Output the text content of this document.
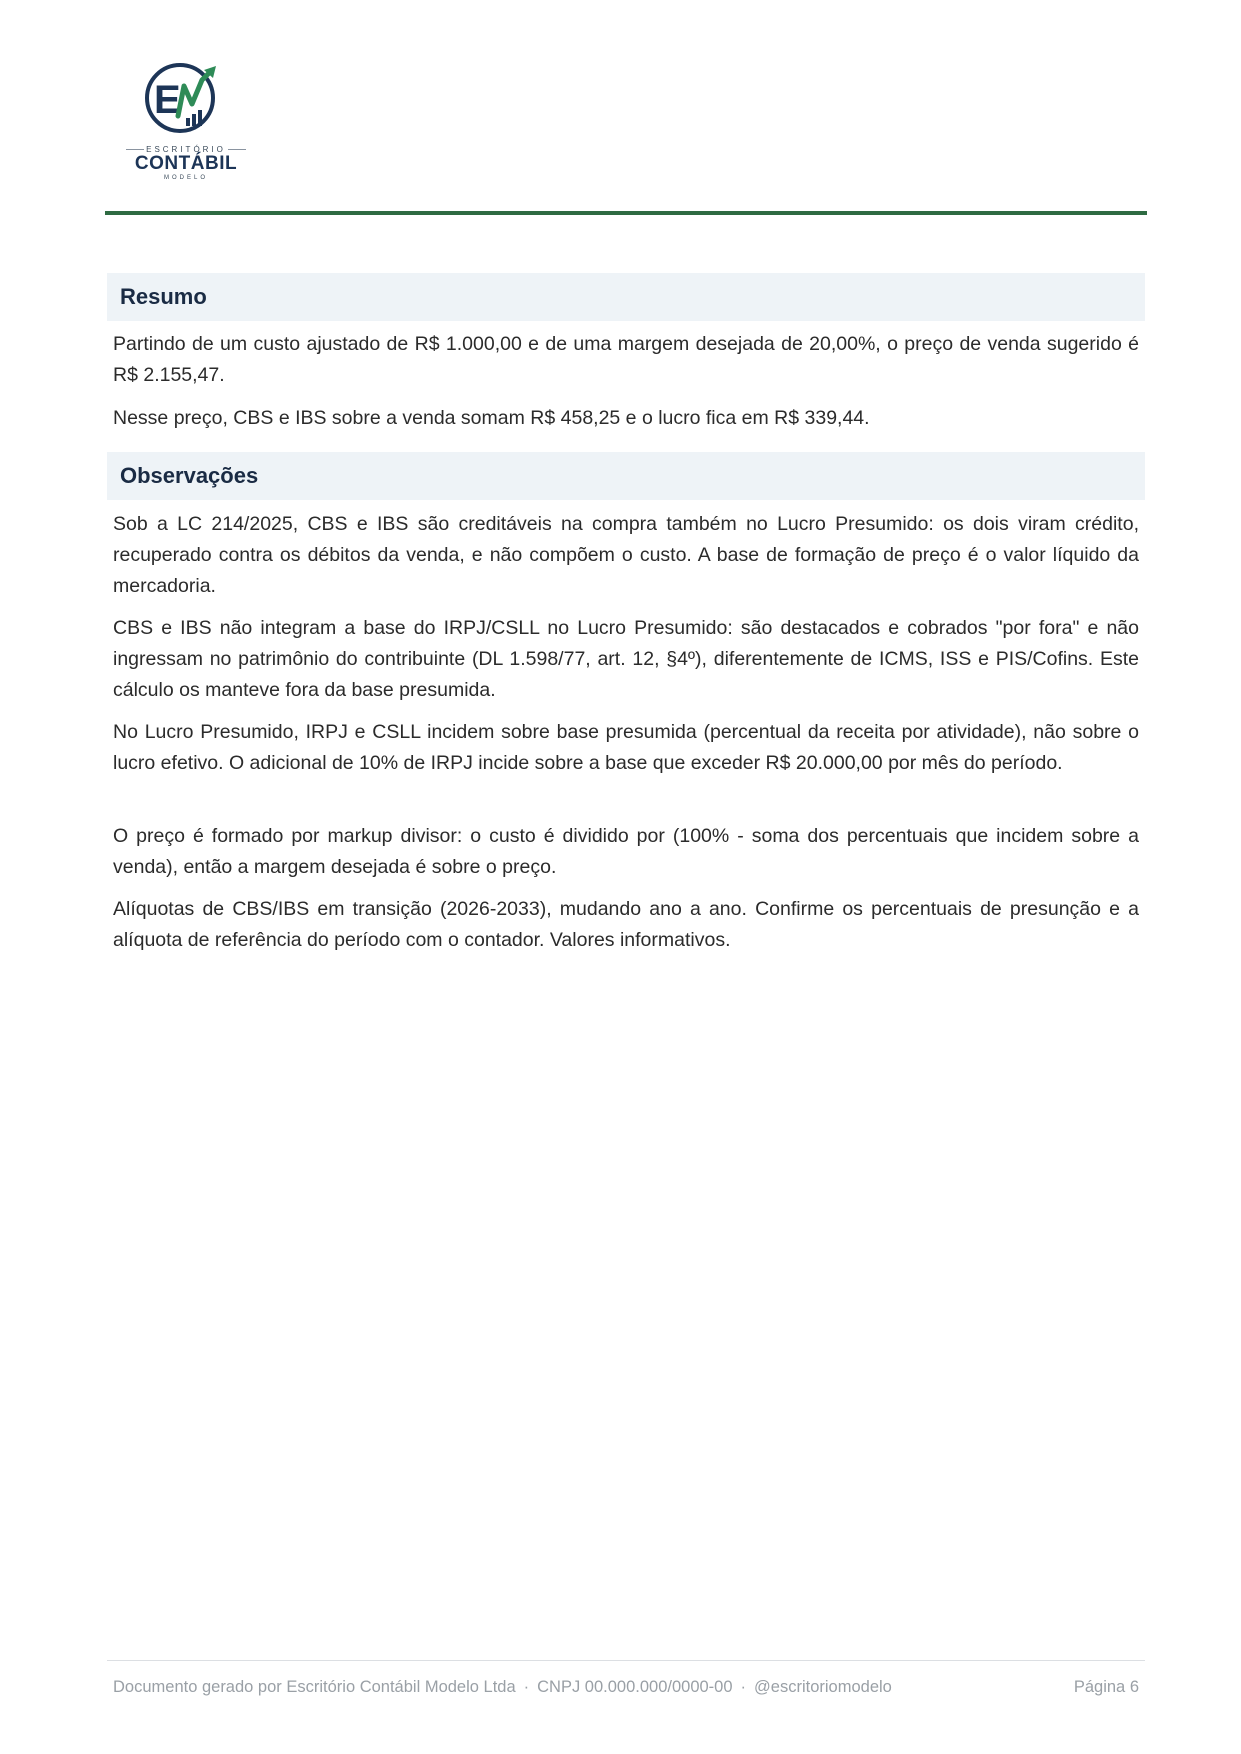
E
ESCRITÓRIO
CONTÁBIL
MODELO
Resumo

Partindo de um custo ajustado de R$ 1.000,00 e de uma margem desejada de 20,00%, o preço de venda sugerido é R$ 2.155,47.

Nesse preço, CBS e IBS sobre a venda somam R$ 458,25 e o lucro fica em R$ 339,44.

Observações

Sob a LC 214/2025, CBS e IBS são creditáveis na compra também no Lucro Presumido: os dois viram crédito, recuperado contra os débitos da venda, e não compõem o custo. A base de formação de preço é o valor líquido da mercadoria.

CBS e IBS não integram a base do IRPJ/CSLL no Lucro Presumido: são destacados e cobrados "por fora" e não ingressam no patrimônio do contribuinte (DL 1.598/77, art. 12, §4º), diferentemente de ICMS, ISS e PIS/Cofins. Este cálculo os manteve fora da base presumida.

No Lucro Presumido, IRPJ e CSLL incidem sobre base presumida (percentual da receita por atividade), não sobre o lucro efetivo. O adicional de 10% de IRPJ incide sobre a base que exceder R$ 20.000,00 por mês do período.

O preço é formado por markup divisor: o custo é dividido por (100% - soma dos percentuais que incidem sobre a venda), então a margem desejada é sobre o preço.

Alíquotas de CBS/IBS em transição (2026-2033), mudando ano a ano. Confirme os percentuais de presunção e a alíquota de referência do período com o contador. Valores informativos.

Documento gerado por Escritório Contábil Modelo Ltda · CNPJ 00.000.000/0000-00 · @escritoriomodelo	Página 6
